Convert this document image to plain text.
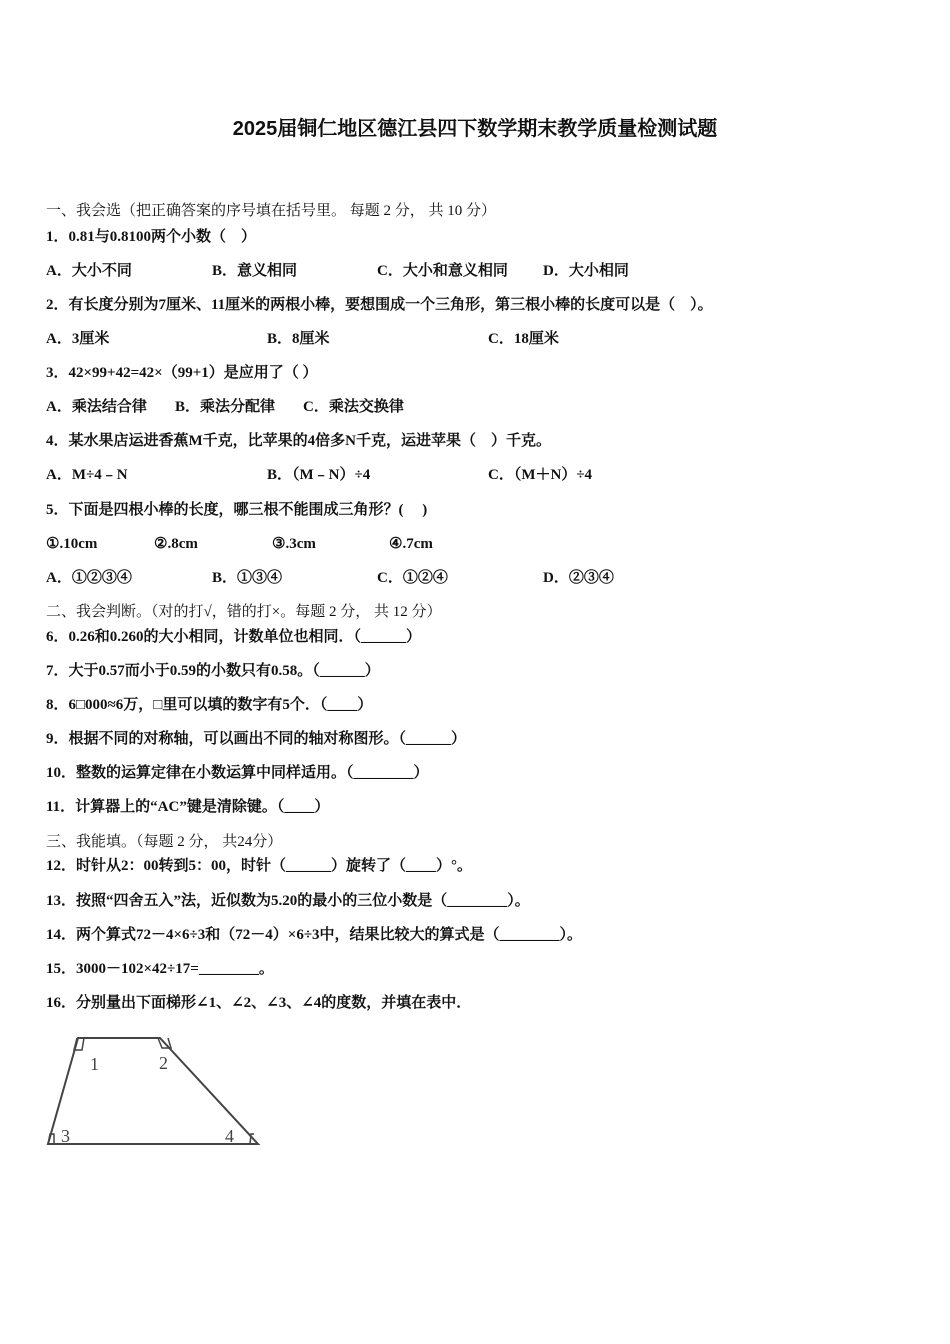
2025届铜仁地区德江县四下数学期末教学质量检测试题
一、我会选（把正确答案的序号填在括号里。 每题 2 分， 共 10 分）
1．0.81与0.8100两个小数（　）
A．大小不同	B．意义相同	C．大小和意义相同 D．大小相同
2．有长度分别为7厘米、11厘米的两根小棒，要想围成一个三角形，第三根小棒的长度可以是（　）。
A．3厘米	B．8厘米	C．18厘米
3．42×99+42=42×（99+1）是应用了（ ）
A．乘法结合律 B．乘法分配律 C．乘法交换律
4．某水果店运进香蕉M千克，比苹果的4倍多N千克，运进苹果（　）千克。
A．M÷4﹣N	B．（M﹣N）÷4	C．（M＋N）÷4
5．下面是四根小棒的长度，哪三根不能围成三角形？(　 )
①.10cm	②.8cm	③.3cm	④.7cm
A．①②③④	B．①③④	C．①②④	D．②③④
二、我会判断。（对的打√，错的打×。每题 2 分， 共 12 分）
6．0.26和0.260的大小相同，计数单位也相同．（______）
7．大于0.57而小于0.59的小数只有0.58。（______）
8．6□000≈6万，□里可以填的数字有5个．（____）
9．根据不同的对称轴，可以画出不同的轴对称图形。（______）
10．整数的运算定律在小数运算中同样适用。（________）
11．计算器上的“AC”键是清除键。（____）
三、我能填。（每题 2 分， 共24分）
12．时针从2：00转到5：00，时针（______）旋转了（____）°。
13．按照“四舍五入”法，近似数为5.20的最小的三位小数是（________）。
14．两个算式72－4×6÷3和（72－4）×6÷3中，结果比较大的算式是（________）。
15．3000－102×42÷17=________。
16．分别量出下面梯形∠1、∠2、∠3、∠4的度数，并填在表中．
1	2
3	4
